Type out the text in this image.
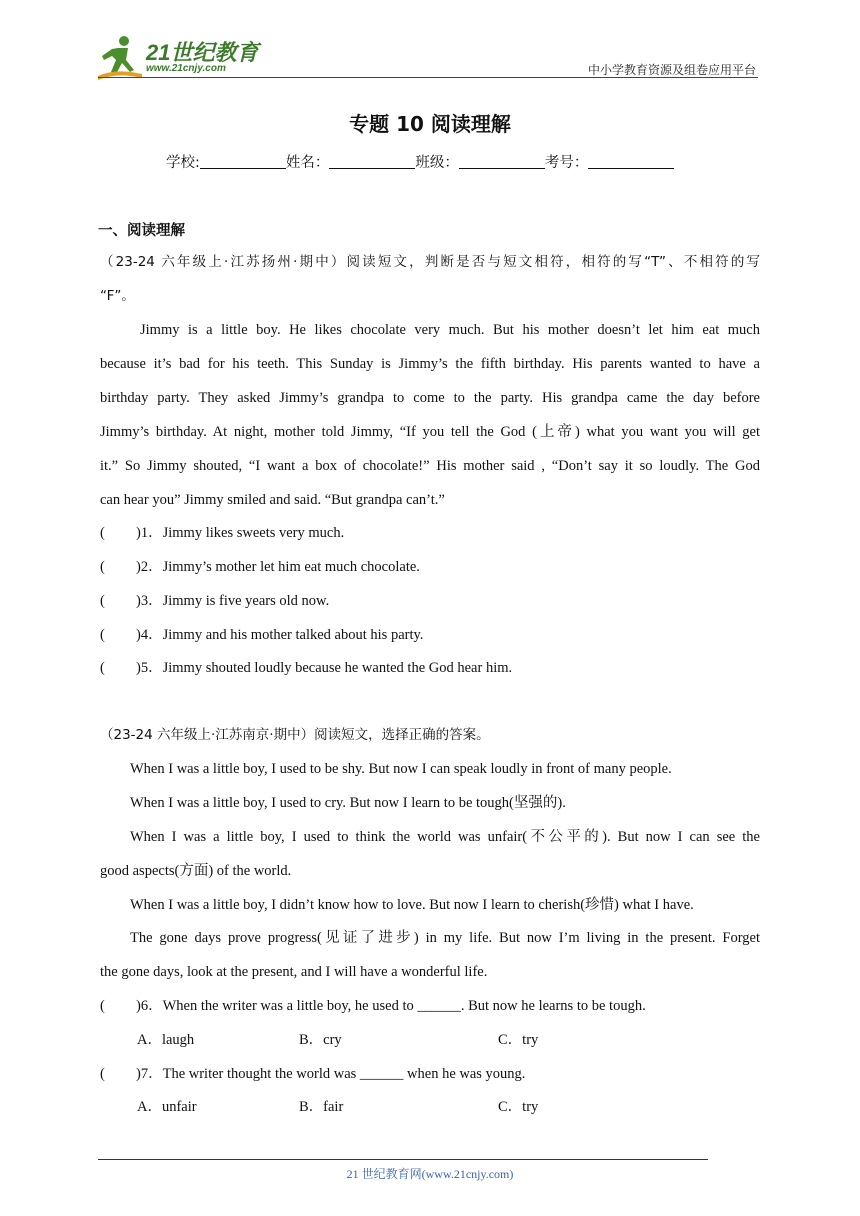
21世纪教育
www.21cnjy.com	中小学教育资源及组卷应用平台
专题 10 阅读理解
学校:	姓名：	班级：	考号：
一、阅读理解
（23-24 六年级上·江苏扬州·期中）阅读短文，判断是否与短文相符，相符的写“T”、不相符的写
“F”。
Jimmy is a little boy. He likes chocolate very much. But his mother doesn’t let him eat much
because it’s bad for his teeth. This Sunday is Jimmy’s the fifth birthday. His parents wanted to have a
birthday party. They asked Jimmy’s grandpa to come to the party. His grandpa came the day before
Jimmy’s birthday. At night, mother told Jimmy, “If you tell the God (上帝) what you want you will get
it.” So Jimmy shouted, “I want a box of chocolate!” His mother said , “Don’t say it so loudly. The God
can hear you” Jimmy smiled and said. “But grandpa can’t.”
( )1．Jimmy likes sweets very much.
( )2．Jimmy’s mother let him eat much chocolate.
( )3．Jimmy is five years old now.
( )4．Jimmy and his mother talked about his party.
( )5．Jimmy shouted loudly because he wanted the God hear him.
（23-24 六年级上·江苏南京·期中）阅读短文，选择正确的答案。
When I was a little boy, I used to be shy. But now I can speak loudly in front of many people.
When I was a little boy, I used to cry. But now I learn to be tough(坚强的).
When I was a little boy, I used to think the world was unfair(不公平的). But now I can see the
good aspects(方面) of the world.
When I was a little boy, I didn’t know how to love. But now I learn to cherish(珍惜) what I have.
The gone days prove progress(见证了进步) in my life. But now I’m living in the present. Forget
the gone days, look at the present, and I will have a wonderful life.
( )6．When the writer was a little boy, he used to ______. But now he learns to be tough.
A．laugh	B．cry	C．try
( )7．The writer thought the world was ______ when he was young.
A．unfair	B．fair	C．try
21 世纪教育网(www.21cnjy.com)
